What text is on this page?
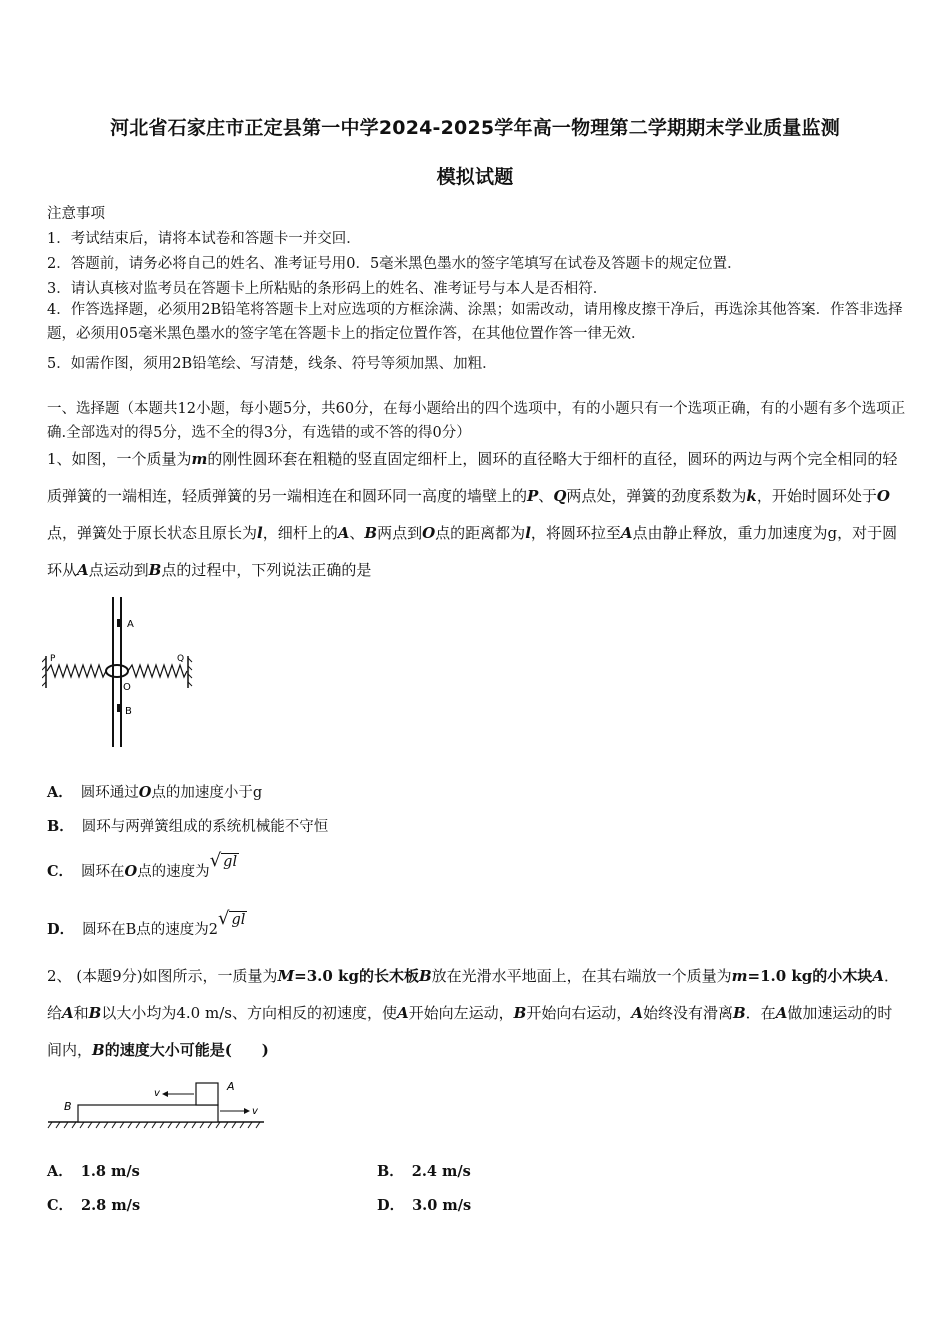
河北省石家庄市正定县第一中学2024-2025学年高一物理第二学期期末学业质量监测
模拟试题
注意事项
1．考试结束后，请将本试卷和答题卡一并交回．
2．答题前，请务必将自己的姓名、准考证号用0．5毫米黑色墨水的签字笔填写在试卷及答题卡的规定位置．
3．请认真核对监考员在答题卡上所粘贴的条形码上的姓名、准考证号与本人是否相符．
4．作答选择题，必须用2B铅笔将答题卡上对应选项的方框涂满、涂黑；如需改动，请用橡皮擦干净后，再选涂其他答案．作答非选择题，必须用05毫米黑色墨水的签字笔在答题卡上的指定位置作答，在其他位置作答一律无效．
5．如需作图，须用2B铅笔绘、写清楚，线条、符号等须加黑、加粗．
一、选择题（本题共12小题，每小题5分，共60分，在每小题给出的四个选项中，有的小题只有一个选项正确，有的小题有多个选项正确.全部选对的得5分，选不全的得3分，有选错的或不答的得0分）
1、如图，一个质量为m的刚性圆环套在粗糙的竖直固定细杆上，圆环的直径略大于细杆的直径，圆环的两边与两个完全相同的轻质弹簧的一端相连，轻质弹簧的另一端相连在和圆环同一高度的墙壁上的P、Q两点处，弹簧的劲度系数为k，开始时圆环处于O点，弹簧处于原长状态且原长为l，细杆上的A、B两点到O点的距离都为l，将圆环拉至A点由静止释放，重力加速度为g，对于圆环从A点运动到B点的过程中，下列说法正确的是
A
B
O
P	Q
A． 圆环通过O点的加速度小于g
B． 圆环与两弹簧组成的系统机械能不守恒
C． 圆环在O点的速度为√ gl
D． 圆环在B点的速度为2√ gl
2、 (本题9分)如图所示，一质量为M=3.0 kg的长木板B放在光滑水平地面上，在其右端放一个质量为m=1.0 kg的小木块A．给A和B以大小均为4.0 m/s、方向相反的初速度，使A开始向左运动，B开始向右运动，A始终没有滑离B．在A做加速运动的时间内，B的速度大小可能是(　　)
B
A
v
v
A． 1.8 m/s	B． 2.4 m/s
C． 2.8 m/s	D． 3.0 m/s
